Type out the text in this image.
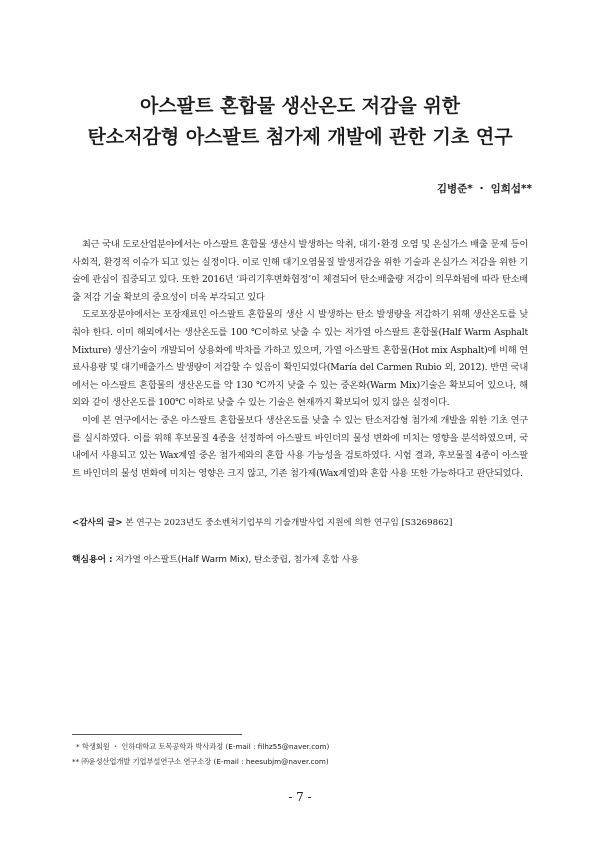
아스팔트 혼합물 생산온도 저감을 위한
탄소저감형 아스팔트 첨가제 개발에 관한 기초 연구
김병준* ・ 임희섭**

최근 국내 도로산업분야에서는 아스팔트 혼합물 생산시 발생하는 악취, 대기･환경 오염 및 온실가스 배출 문제 등이 사회적, 환경적 이슈가 되고 있는 실정이다. 이로 인해 대기오염물질 발생저감을 위한 기술과 온실가스 저감을 위한 기술에 관심이 집중되고 있다. 또한 2016년 ‘파리기후변화협정’이 체결되어 탄소배출량 저감이 의무화됨에 따라 탄소배출 저감 기술 확보의 중요성이 더욱 부각되고 있다

도로포장분야에서는 포장재료인 아스팔트 혼합물의 생산 시 발생하는 탄소 발생량을 저감하기 위해 생산온도를 낮춰야 한다. 이미 해외에서는 생산온도를 100 ℃이하로 낮출 수 있는 저가열 아스팔트 혼합물(Half Warm Asphalt Mixture) 생산기술이 개발되어 상용화에 박차를 가하고 있으며, 가열 아스팔트 혼합물(Hot mix Asphalt)에 비해 연료사용량 및 대기배출가스 발생량이 저감할 수 있음이 확인되었다(María del Carmen Rubio 외, 2012). 반면 국내에서는 아스팔트 혼합물의 생산온도를 약 130 ℃까지 낮출 수 있는 중온화(Warm Mix)기술은 확보되어 있으나, 해외와 같이 생산온도를 100℃ 이하로 낮출 수 있는 기술은 현재까지 확보되어 있지 않은 실정이다.

이에 본 연구에서는 중온 아스팔트 혼합물보다 생산온도를 낮출 수 있는 탄소저감형 첨가제 개발을 위한 기초 연구를 실시하였다. 이를 위해 후보물질 4종을 선정하여 아스팔트 바인더의 물성 변화에 미치는 영향을 분석하였으며, 국내에서 사용되고 있는 Wax계열 중온 첨가제와의 혼합 사용 가능성을 검토하였다. 시험 결과, 후보물질 4종이 아스팔트 바인더의 물성 변화에 미치는 영향은 크지 않고, 기존 첨가제(Wax계열)와 혼합 사용 또한 가능하다고 판단되었다.

<감사의 글> 본 연구는 2023년도 중소벤처기업부의 기술개발사업 지원에 의한 연구임 [S3269862]
핵심용어 : 저가열 아스팔트(Half Warm Mix), 탄소중립, 첨가제 혼합 사용
* 학생회원 ・ 인하대학교 토목공학과 박사과정 (E-mail : filhz55@naver.com)
** ㈜윤성산업개발 기업부설연구소 연구소장 (E-mail : heesubjm@naver.com)
- 7 -
